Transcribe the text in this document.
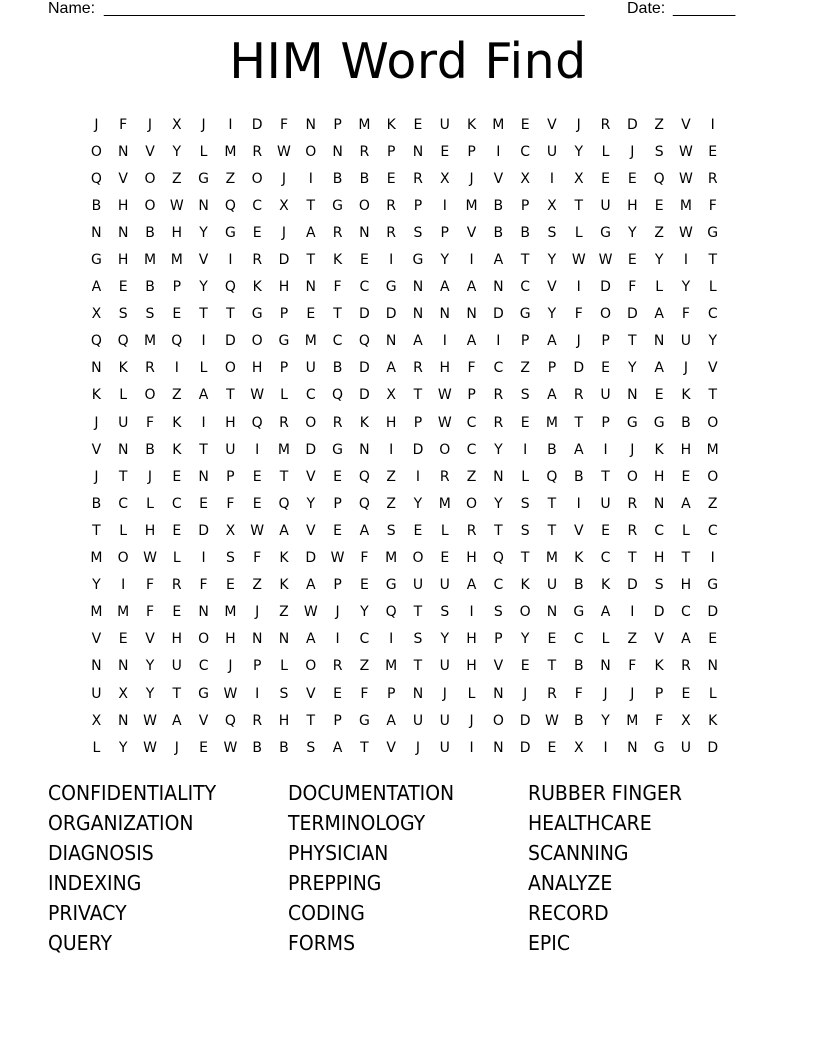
Name: ______________________________________________________	Date: _______
HIM Word Find
J	F	J	X	J	I	D	F	N	P	M	K	E	U	K	M	E	V	J	R	D	Z	V	I
O	N	V	Y	L	M	R	W	O	N	R	P	N	E	P	I	C	U	Y	L	J	S	W	E
Q	V	O	Z	G	Z	O	J	I	B	B	E	R	X	J	V	X	I	X	E	E	Q	W	R
B	H	O	W	N	Q	C	X	T	G	O	R	P	I	M	B	P	X	T	U	H	E	M	F
N	N	B	H	Y	G	E	J	A	R	N	R	S	P	V	B	B	S	L	G	Y	Z	W	G
G	H	M	M	V	I	R	D	T	K	E	I	G	Y	I	A	T	Y	W	W	E	Y	I	T
A	E	B	P	Y	Q	K	H	N	F	C	G	N	A	A	N	C	V	I	D	F	L	Y	L
X	S	S	E	T	T	G	P	E	T	D	D	N	N	N	D	G	Y	F	O	D	A	F	C
Q	Q	M	Q	I	D	O	G	M	C	Q	N	A	I	A	I	P	A	J	P	T	N	U	Y
N	K	R	I	L	O	H	P	U	B	D	A	R	H	F	C	Z	P	D	E	Y	A	J	V
K	L	O	Z	A	T	W	L	C	Q	D	X	T	W	P	R	S	A	R	U	N	E	K	T
J	U	F	K	I	H	Q	R	O	R	K	H	P	W	C	R	E	M	T	P	G	G	B	O
V	N	B	K	T	U	I	M	D	G	N	I	D	O	C	Y	I	B	A	I	J	K	H	M
J	T	J	E	N	P	E	T	V	E	Q	Z	I	R	Z	N	L	Q	B	T	O	H	E	O
B	C	L	C	E	F	E	Q	Y	P	Q	Z	Y	M	O	Y	S	T	I	U	R	N	A	Z
T	L	H	E	D	X	W	A	V	E	A	S	E	L	R	T	S	T	V	E	R	C	L	C
M	O	W	L	I	S	F	K	D	W	F	M	O	E	H	Q	T	M	K	C	T	H	T	I
Y	I	F	R	F	E	Z	K	A	P	E	G	U	U	A	C	K	U	B	K	D	S	H	G
M	M	F	E	N	M	J	Z	W	J	Y	Q	T	S	I	S	O	N	G	A	I	D	C	D
V	E	V	H	O	H	N	N	A	I	C	I	S	Y	H	P	Y	E	C	L	Z	V	A	E
N	N	Y	U	C	J	P	L	O	R	Z	M	T	U	H	V	E	T	B	N	F	K	R	N
U	X	Y	T	G	W	I	S	V	E	F	P	N	J	L	N	J	R	F	J	J	P	E	L
X	N	W	A	V	Q	R	H	T	P	G	A	U	U	J	O	D	W	B	Y	M	F	X	K
L	Y	W	J	E	W	B	B	S	A	T	V	J	U	I	N	D	E	X	I	N	G	U	D
CONFIDENTIALITY
ORGANIZATION
DIAGNOSIS
INDEXING
PRIVACY
QUERY
DOCUMENTATION
TERMINOLOGY
PHYSICIAN
PREPPING
CODING
FORMS
RUBBER FINGER
HEALTHCARE
SCANNING
ANALYZE
RECORD
EPIC
